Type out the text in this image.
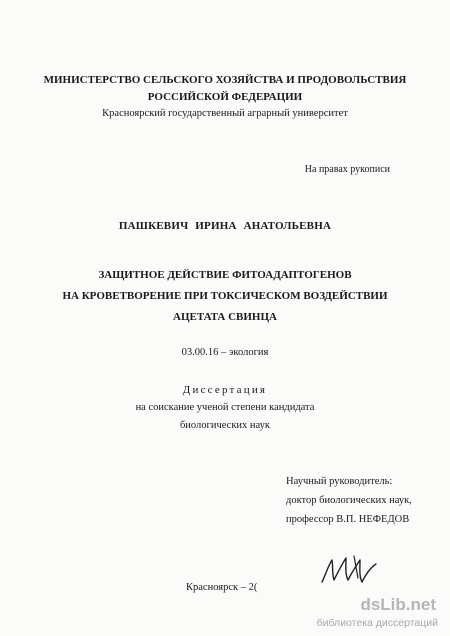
МИНИСТЕРСТВО СЕЛЬСКОГО ХОЗЯЙСТВА И ПРОДОВОЛЬСТВИЯ
РОССИЙСКОЙ ФЕДЕРАЦИИ
Красноярский государственный аграрный университет
На правах рукописи
ПАШКЕВИЧ ИРИНА АНАТОЛЬЕВНА
ЗАЩИТНОЕ ДЕЙСТВИЕ ФИТОАДАПТОГЕНОВ
НА КРОВЕТВОРЕНИЕ ПРИ ТОКСИЧЕСКОМ ВОЗДЕЙСТВИИ
АЦЕТАТА СВИНЦА
03.00.16 – экология
Диссертация
на соискание ученой степени кандидата
биологических наук
Научный руководитель:
доктор биологических наук,
профессор В.П. НЕФЕДОВ
Красноярск – 2(
dsLib.net
библиотека диссертаций
